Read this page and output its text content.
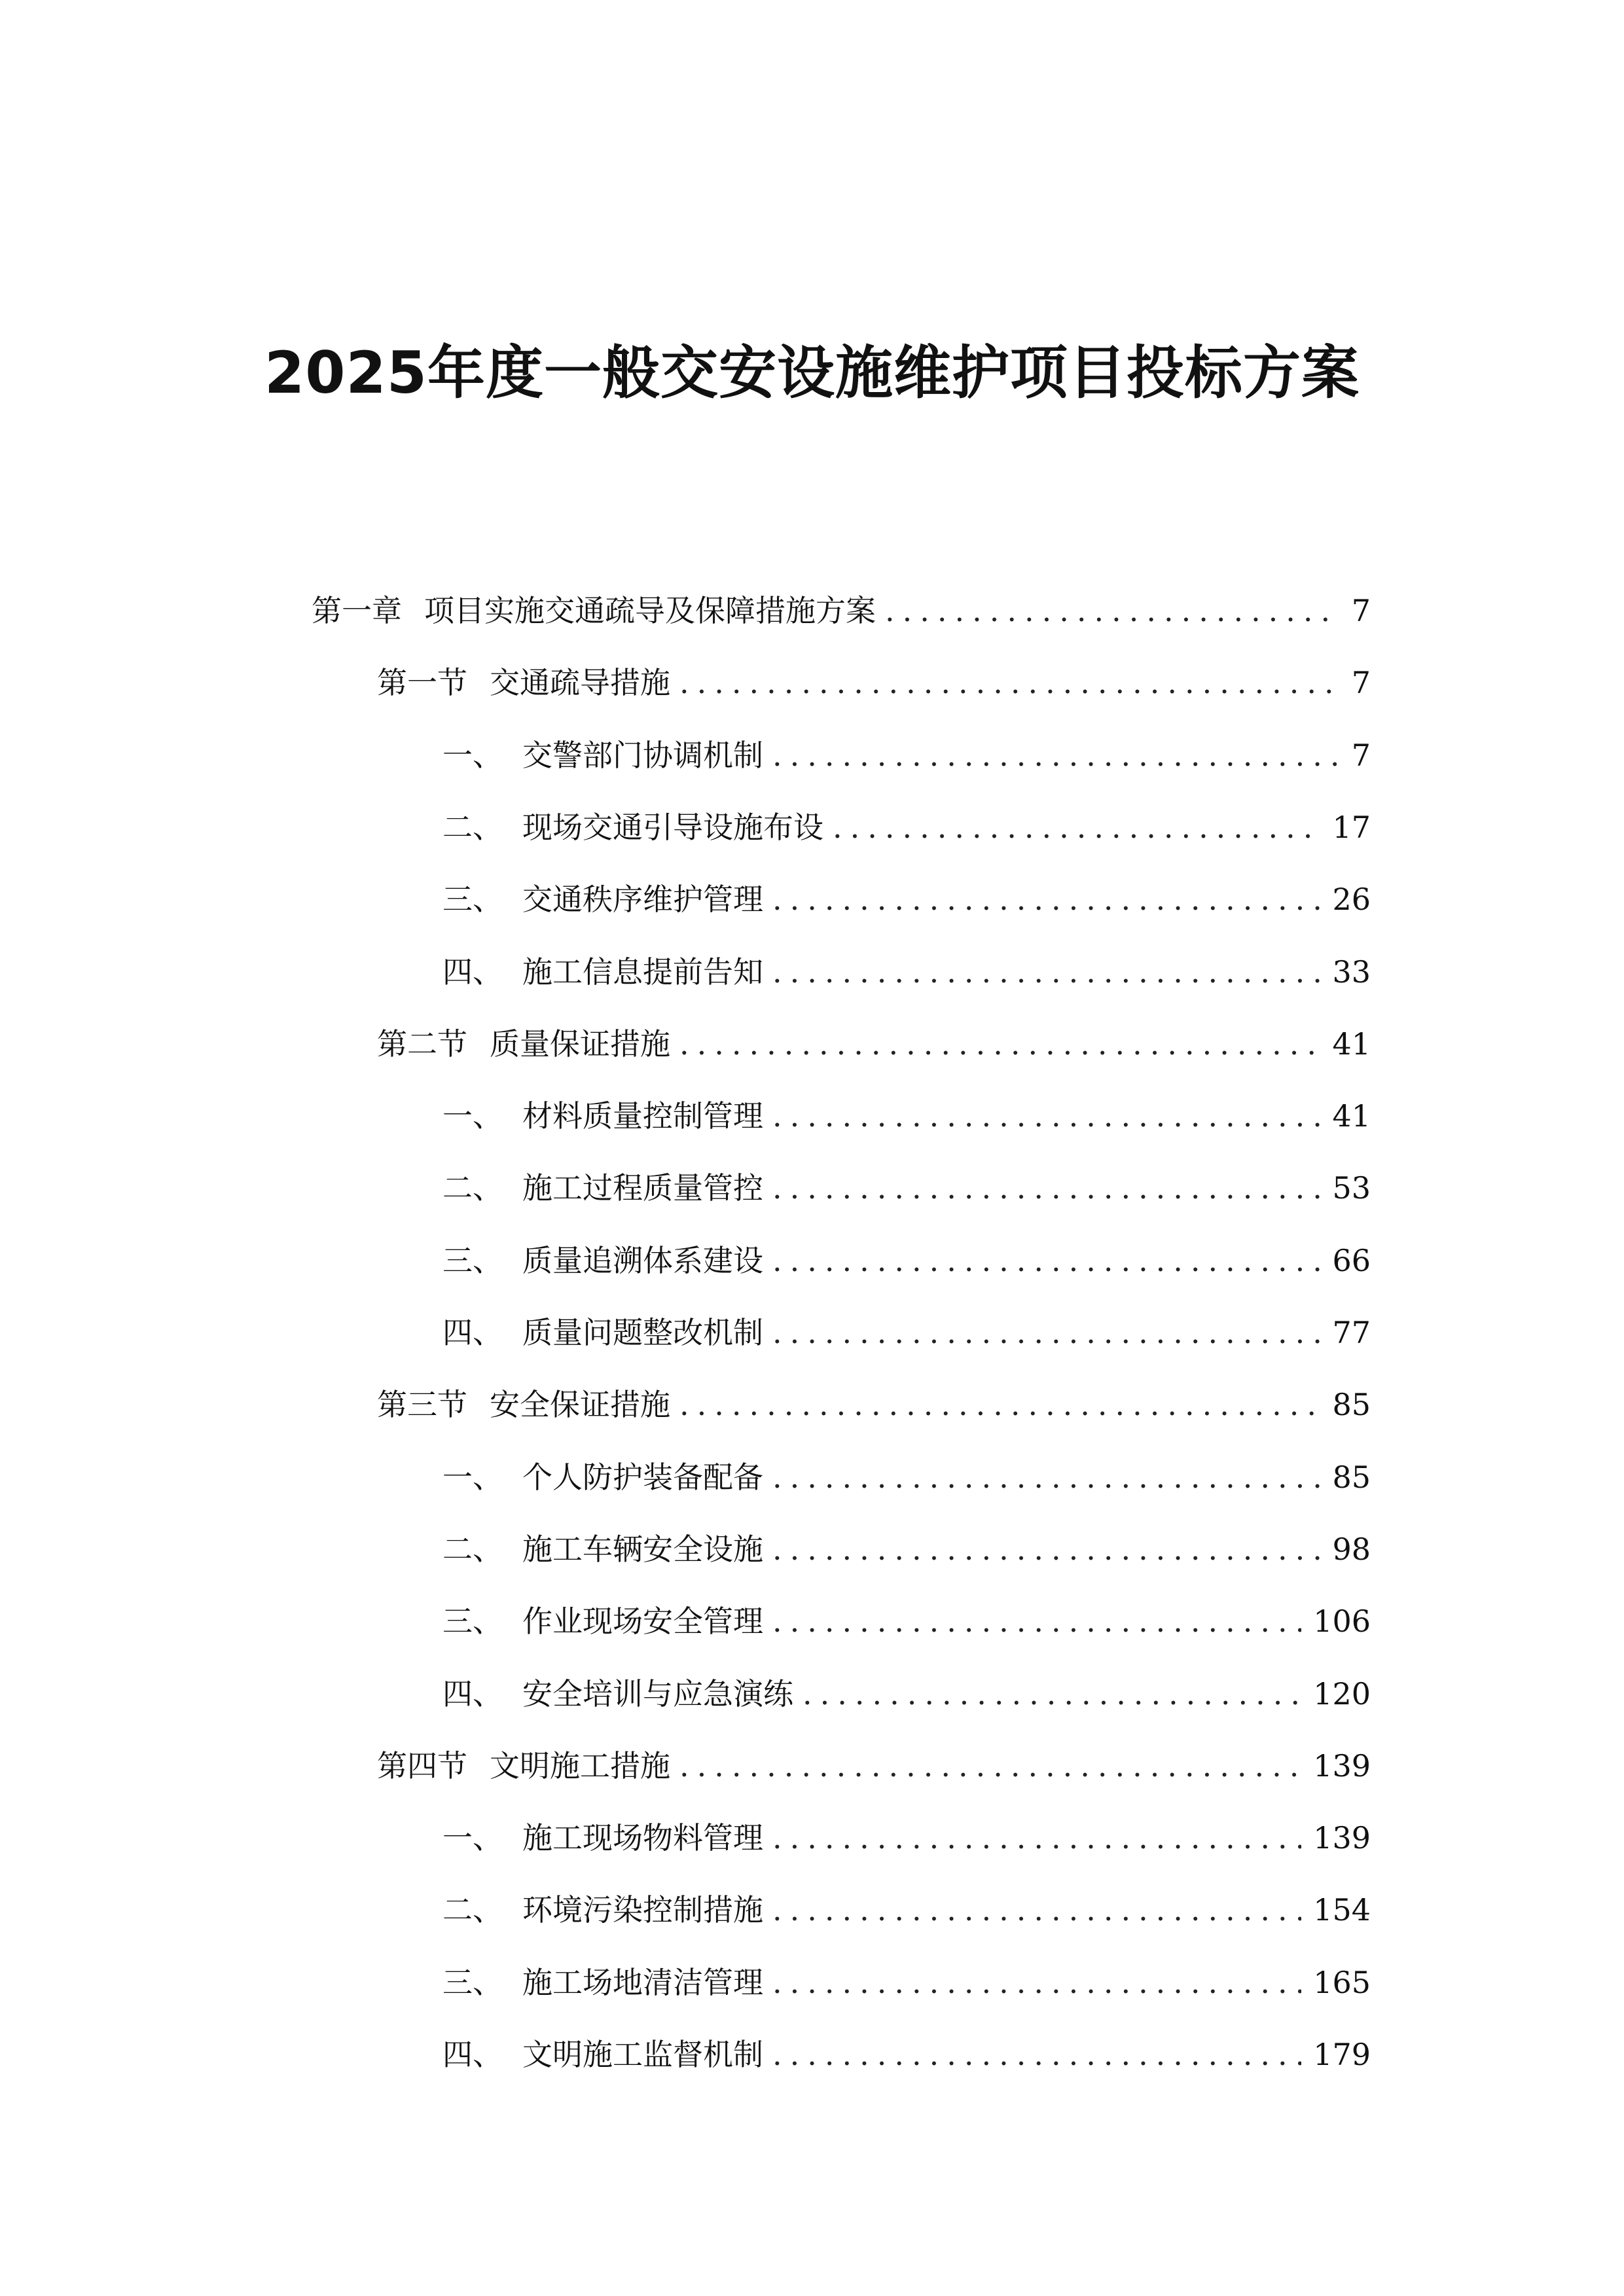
2025年度一般交安设施维护项目投标方案
第一章 项目实施交通疏导及保障措施方案 .....	7
第一节 交通疏导措施 .....	7
一、 交警部门协调机制 .....	7
二、 现场交通引导设施布设 .....	17
三、 交通秩序维护管理 .....	26
四、 施工信息提前告知 .....	33
第二节 质量保证措施 .....	41
一、 材料质量控制管理 .....	41
二、 施工过程质量管控 .....	53
三、 质量追溯体系建设 .....	66
四、 质量问题整改机制 .....	77
第三节 安全保证措施 .....	85
一、 个人防护装备配备 .....	85
二、 施工车辆安全设施 .....	98
三、 作业现场安全管理 .....	106
四、 安全培训与应急演练 .....	120
第四节 文明施工措施 .....	139
一、 施工现场物料管理 .....	139
二、 环境污染控制措施 .....	154
三、 施工场地清洁管理 .....	165
四、 文明施工监督机制 .....	179
